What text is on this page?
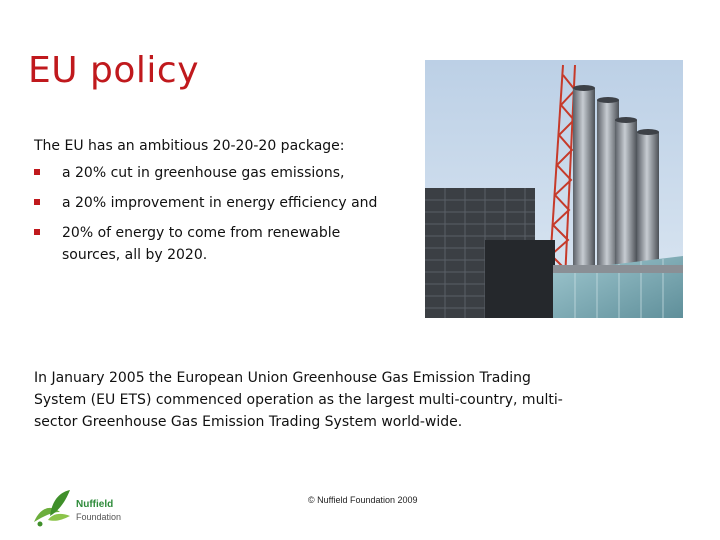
EU policy
The EU has an ambitious 20-20-20 package:
a 20% cut in greenhouse gas emissions,
a 20% improvement in energy efficiency and
20% of energy to come from renewable sources, all by 2020.
In January 2005 the European Union Greenhouse Gas Emission Trading System (EU ETS) commenced operation as the largest multi-country, multi-sector Greenhouse Gas Emission Trading System world-wide.
Nuffield
Foundation
© Nuffield Foundation 2009
